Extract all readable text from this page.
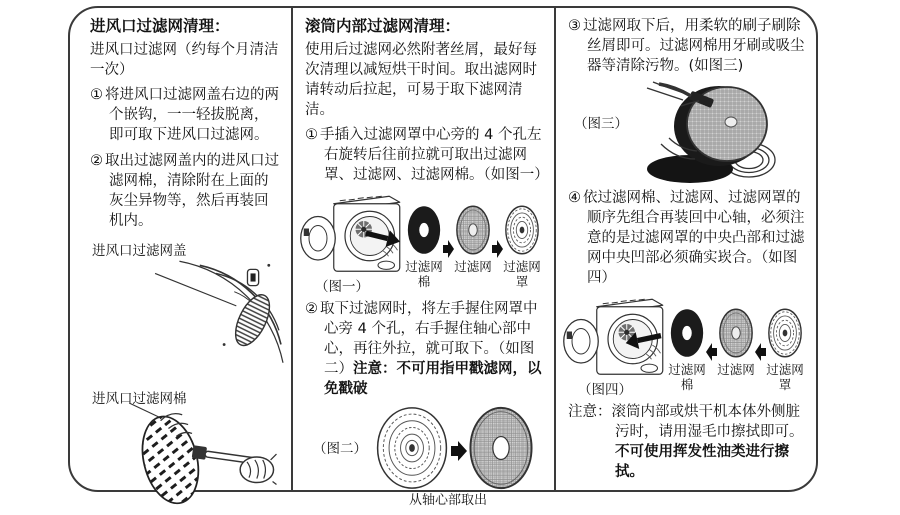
进风口过滤网清理：

进风口过滤网（约每个月清洁一次）

① 将进风口过滤网盖右边的两个嵌钩，一一轻拔脱离，即可取下进风口过滤网。

② 取出过滤网盖内的进风口过滤网棉，清除附在上面的灰尘异物等，然后再装回机内。

进风口过滤网盖
进风口过滤网棉
滚筒内部过滤网清理：

使用后过滤网必然附著丝屑，最好每次清理以减短烘干时间。取出滤网时请转动后拉起，可易于取下滤网清洁。

① 手插入过滤网罩中心旁的 4 个孔左右旋转后往前拉就可取出过滤网罩、过滤网、过滤网棉。（如图一）

（图一）
过滤网棉
过滤网 过滤网罩

② 取下过滤网时，将左手握住网罩中心旁 4 个孔，右手握住轴心部中心，再往外拉，就可取下。（如图二）注意：不可用指甲戳滤网，以免戳破

（图二）
从轴心部取出

③ 过滤网取下后，用柔软的刷子刷除丝屑即可。过滤网棉用牙刷或吸尘器等清除污物。(如图三)

（图三）

④ 依过滤网棉、过滤网、过滤网罩的顺序先组合再装回中心轴，必须注意的是过滤网罩的中央凸部和过滤网中央凹部必须确实崁合。（如图四）

（图四）
过滤网棉
过滤网 过滤网罩

注意：滚筒内部或烘干机本体外侧脏污时，请用湿毛巾擦拭即可。不可使用挥发性油类进行擦拭。
